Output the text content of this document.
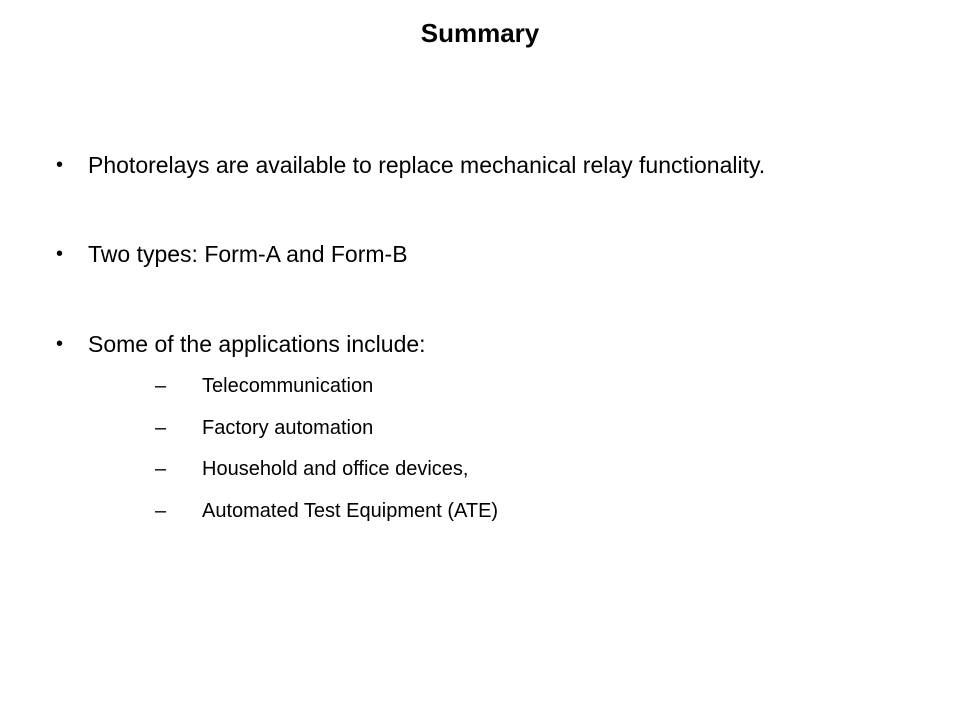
Summary
•	Photorelays are available to replace mechanical relay functionality.
•	Two types: Form-A and Form-B
•	Some of the applications include:
–	Telecommunication
–	Factory automation
–	Household and office devices,
–	Automated Test Equipment (ATE)
